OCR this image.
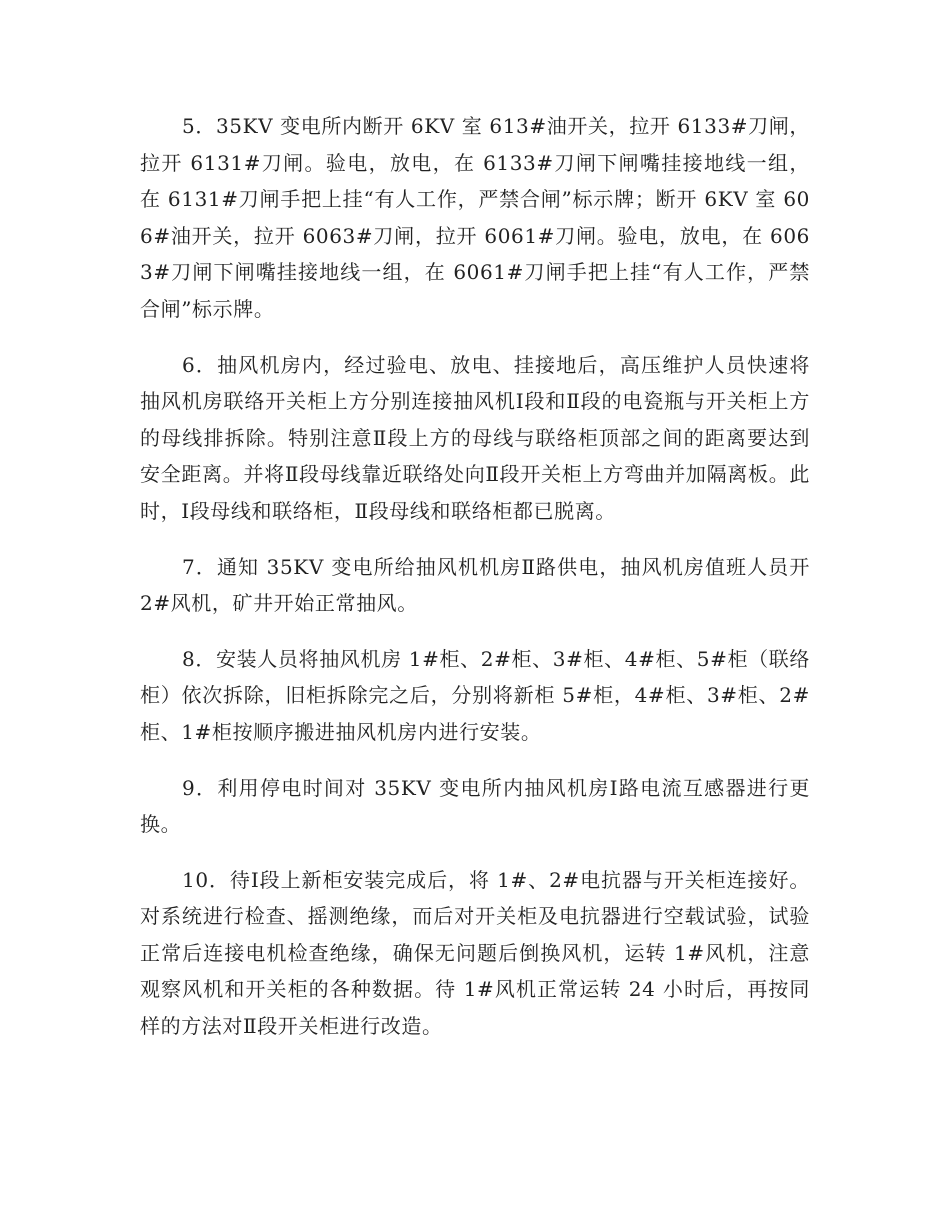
5．35KV 变电所内断开 6KV 室 613#油开关，拉开 6133#刀闸，拉开 6131#刀闸。验电，放电，在 6133#刀闸下闸嘴挂接地线一组，在 6131#刀闸手把上挂“有人工作，严禁合闸”标示牌；断开 6KV 室 606#油开关，拉开 6063#刀闸，拉开 6061#刀闸。验电，放电，在 6063#刀闸下闸嘴挂接地线一组，在 6061#刀闸手把上挂“有人工作，严禁合闸”标示牌。

6．抽风机房内，经过验电、放电、挂接地后，高压维护人员快速将抽风机房联络开关柜上方分别连接抽风机Ⅰ段和Ⅱ段的电瓷瓶与开关柜上方的母线排拆除。特别注意Ⅱ段上方的母线与联络柜顶部之间的距离要达到安全距离。并将Ⅱ段母线靠近联络处向Ⅱ段开关柜上方弯曲并加隔离板。此时，Ⅰ段母线和联络柜，Ⅱ段母线和联络柜都已脱离。

7．通知 35KV 变电所给抽风机机房Ⅱ路供电，抽风机房值班人员开 2#风机，矿井开始正常抽风。

8．安装人员将抽风机房 1#柜、2#柜、3#柜、4#柜、5#柜（联络柜）依次拆除，旧柜拆除完之后，分别将新柜 5#柜，4#柜、3#柜、2#柜、1#柜按顺序搬进抽风机房内进行安装。

9．利用停电时间对 35KV 变电所内抽风机房Ⅰ路电流互感器进行更换。

10．待Ⅰ段上新柜安装完成后，将 1#、2#电抗器与开关柜连接好。对系统进行检查、摇测绝缘，而后对开关柜及电抗器进行空载试验，试验正常后连接电机检查绝缘，确保无问题后倒换风机，运转 1#风机，注意观察风机和开关柜的各种数据。待 1#风机正常运转 24 小时后，再按同样的方法对Ⅱ段开关柜进行改造。
